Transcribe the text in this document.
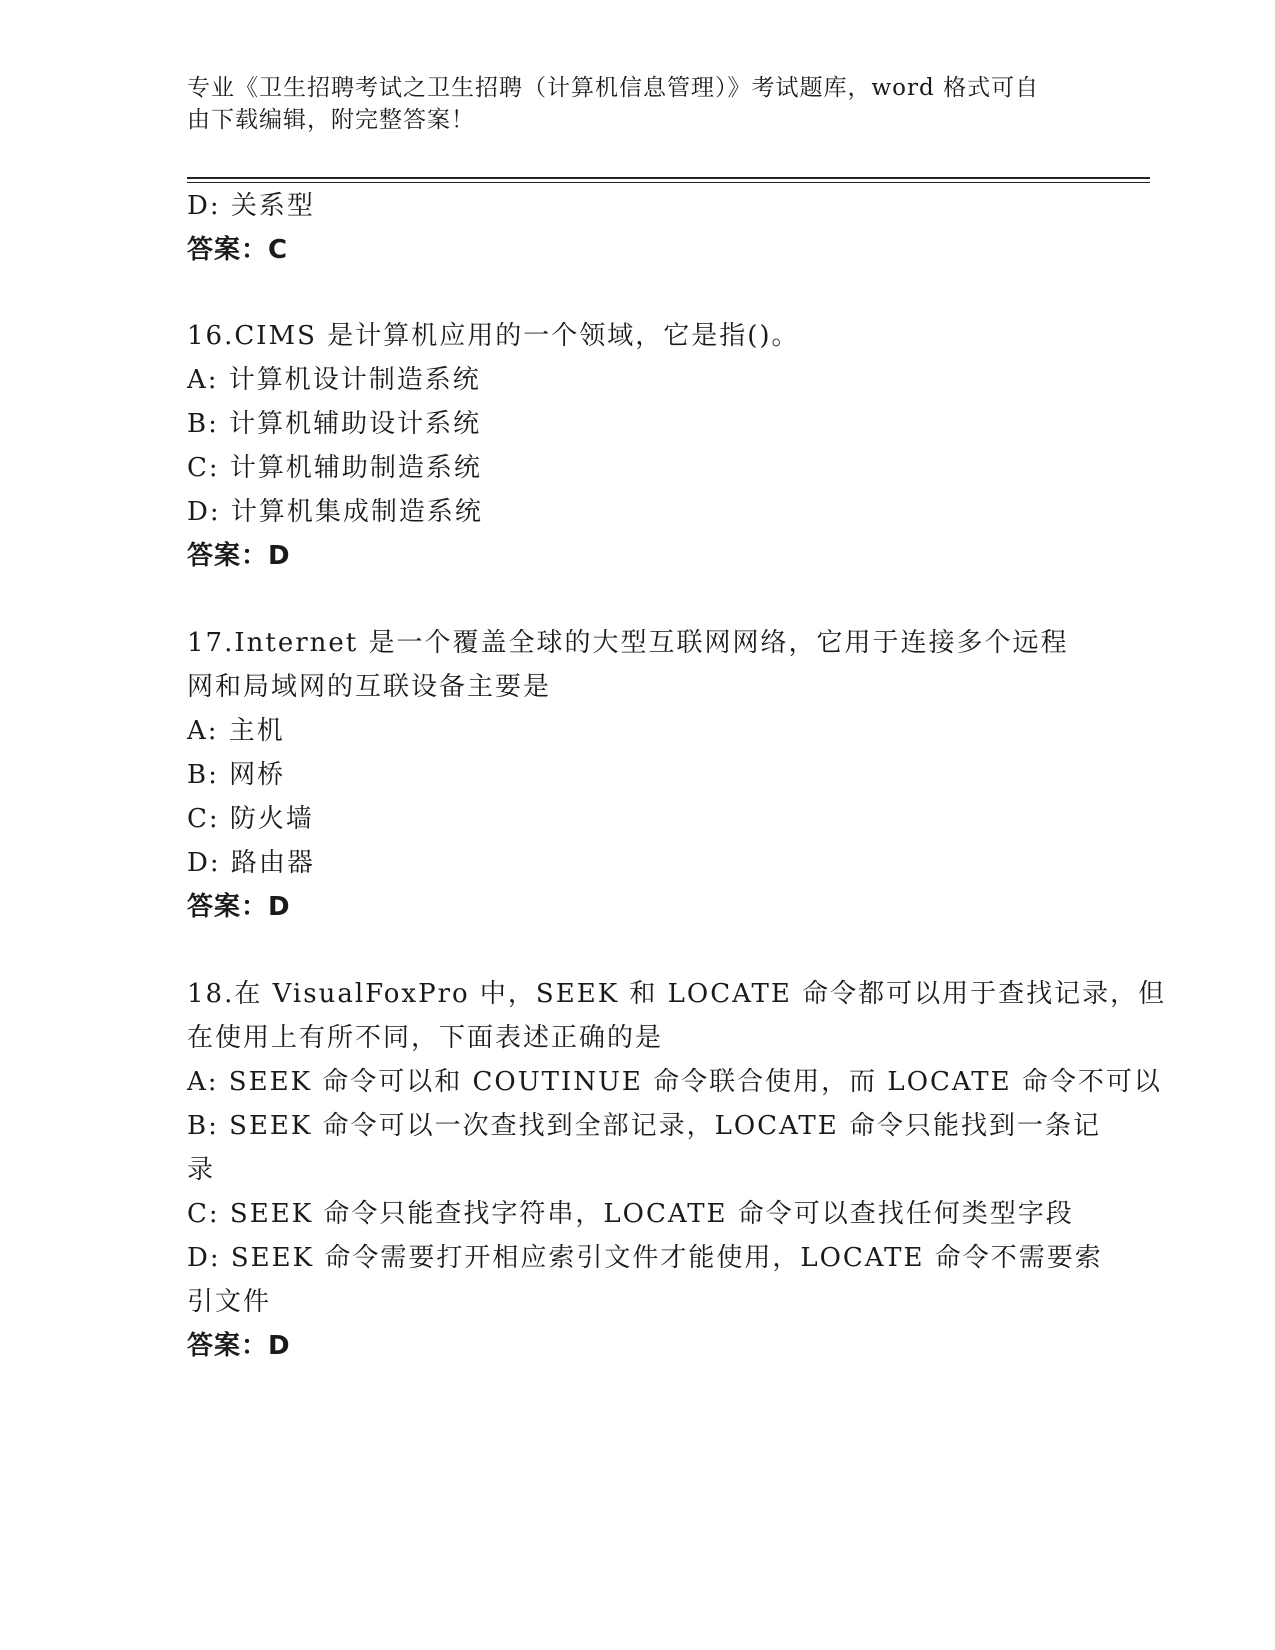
专业《卫生招聘考试之卫生招聘（计算机信息管理）》考试题库，word 格式可自
由下载编辑，附完整答案！
D: 关系型
答案：C
16.CIMS 是计算机应用的一个领域，它是指()。
A: 计算机设计制造系统
B: 计算机辅助设计系统
C: 计算机辅助制造系统
D: 计算机集成制造系统
答案：D
17.Internet 是一个覆盖全球的大型互联网网络，它用于连接多个远程
网和局域网的互联设备主要是
A: 主机
B: 网桥
C: 防火墙
D: 路由器
答案：D
18.在 VisualFoxPro 中，SEEK 和 LOCATE 命令都可以用于查找记录，但
在使用上有所不同，下面表述正确的是
A: SEEK 命令可以和 COUTINUE 命令联合使用，而 LOCATE 命令不可以
B: SEEK 命令可以一次查找到全部记录，LOCATE 命令只能找到一条记
录
C: SEEK 命令只能查找字符串，LOCATE 命令可以查找任何类型字段
D: SEEK 命令需要打开相应索引文件才能使用，LOCATE 命令不需要索
引文件
答案：D
